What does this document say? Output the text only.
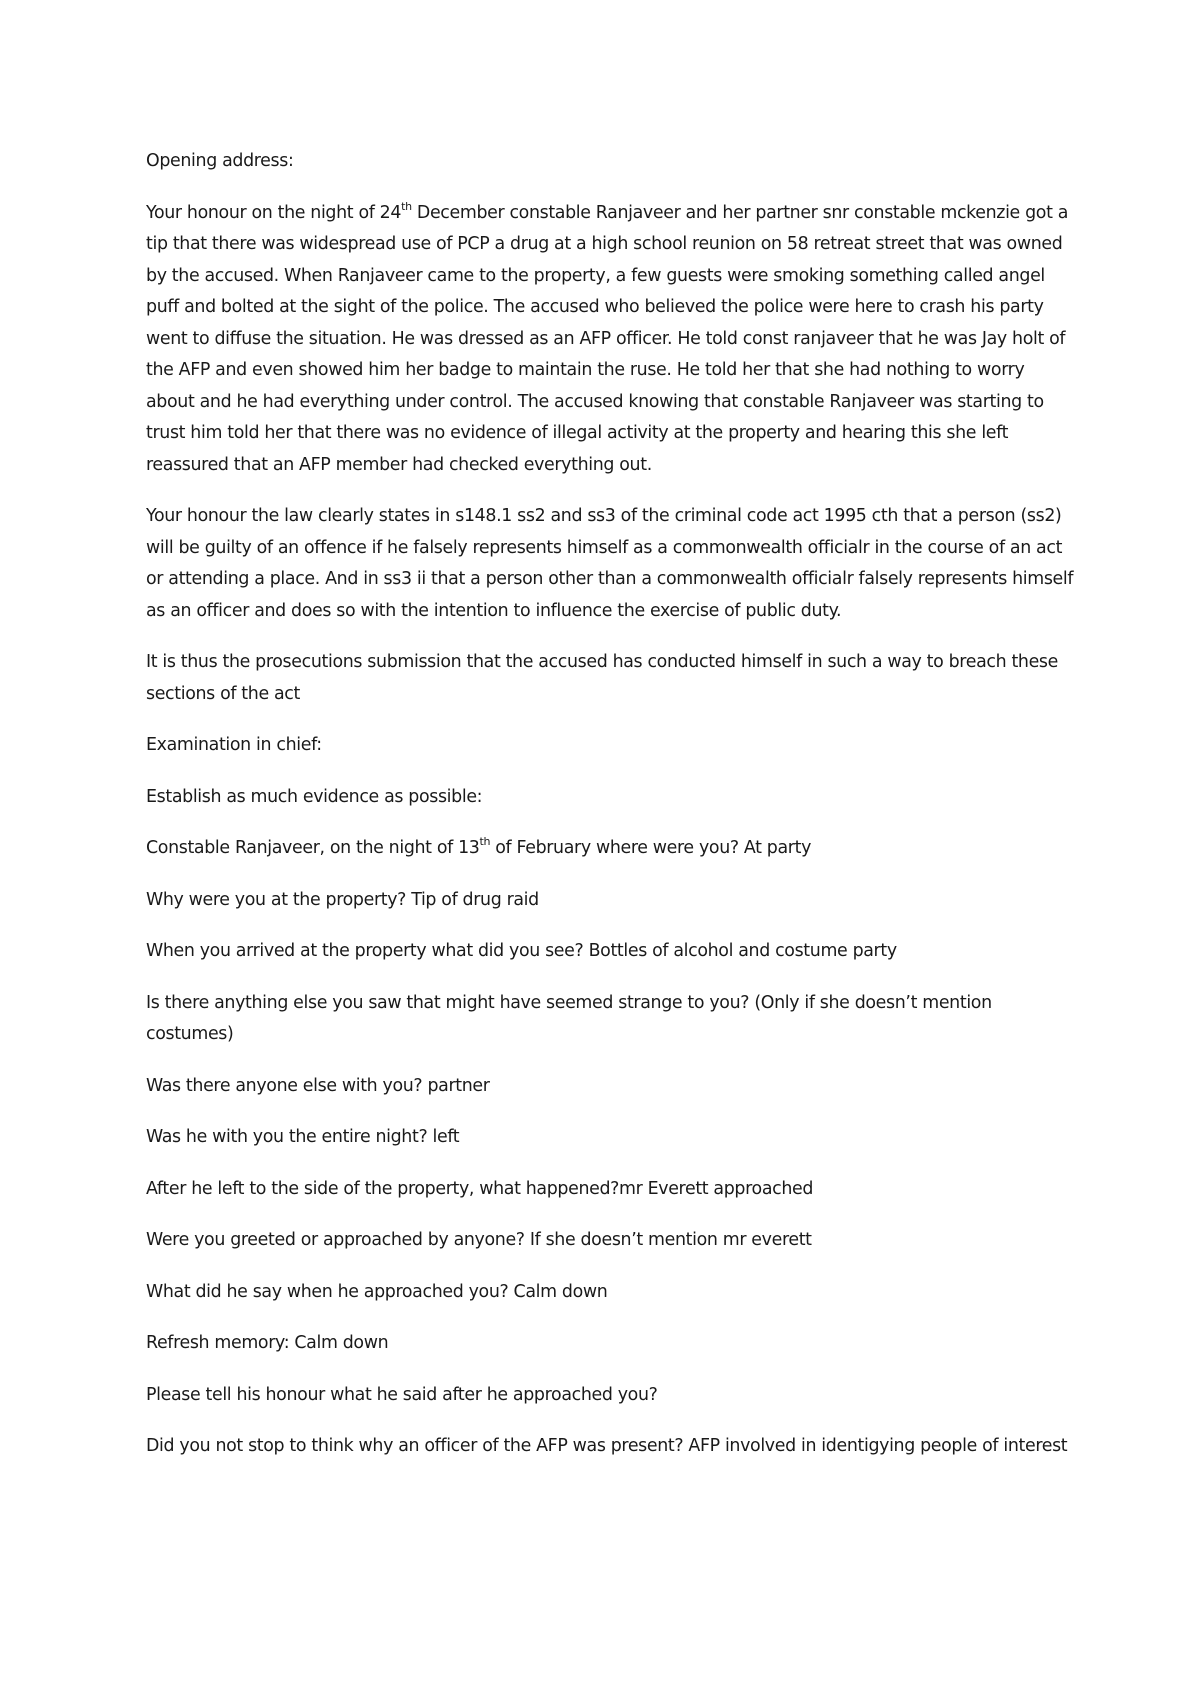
Opening address:

Your honour on the night of 24th December constable Ranjaveer and her partner snr constable mckenzie got a tip that there was widespread use of PCP a drug at a high school reunion on 58 retreat street that was owned by the accused. When Ranjaveer came to the property, a few guests were smoking something called angel puff and bolted at the sight of the police. The accused who believed the police were here to crash his party went to diffuse the situation. He was dressed as an AFP officer. He told const ranjaveer that he was Jay holt of the AFP and even showed him her badge to maintain the ruse. He told her that she had nothing to worry about and he had everything under control. The accused knowing that constable Ranjaveer was starting to trust him told her that there was no evidence of illegal activity at the property and hearing this she left reassured that an AFP member had checked everything out.

Your honour the law clearly states in s148.1 ss2 and ss3 of the criminal code act 1995 cth that a person (ss2) will be guilty of an offence if he falsely represents himself as a commonwealth officialr in the course of an act or attending a place. And in ss3 ii that a person other than a commonwealth officialr falsely represents himself as an officer and does so with the intention to influence the exercise of public duty.

It is thus the prosecutions submission that the accused has conducted himself in such a way to breach these sections of the act

Examination in chief:

Establish as much evidence as possible:

Constable Ranjaveer, on the night of 13th of February where were you? At party

Why were you at the property? Tip of drug raid

When you arrived at the property what did you see? Bottles of alcohol and costume party

Is there anything else you saw that might have seemed strange to you? (Only if she doesn’t mention costumes)

Was there anyone else with you? partner

Was he with you the entire night? left

After he left to the side of the property, what happened?mr Everett approached

Were you greeted or approached by anyone? If she doesn’t mention mr everett

What did he say when he approached you? Calm down

Refresh memory: Calm down

Please tell his honour what he said after he approached you?

Did you not stop to think why an officer of the AFP was present? AFP involved in identigying people of interest
